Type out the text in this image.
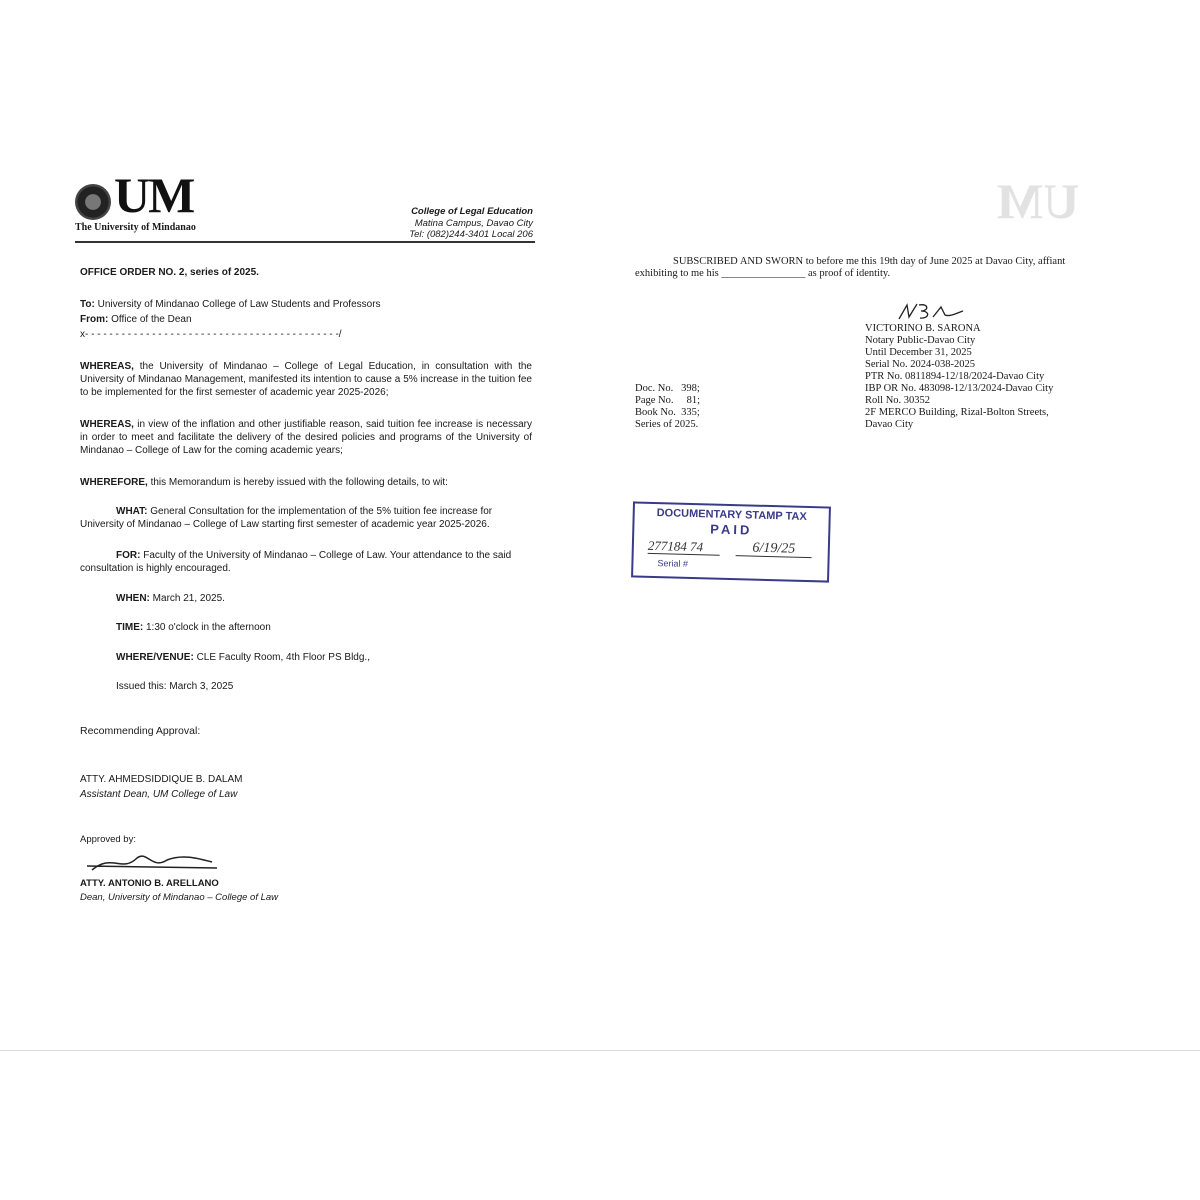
UM
The University of Mindanao
College of Legal Education
Matina Campus, Davao City
Tel: (082)244-3401 Local 206
OFFICE ORDER NO. 2, series of 2025.
To: University of Mindanao College of Law Students and Professors
From: Office of the Dean
x- - - - - - - - - - - - - - - - - - - - - - - - - - - - - - - - - - - - - - - - - -/
WHEREAS, the University of Mindanao – College of Legal Education, in consultation with the University of Mindanao Management, manifested its intention to cause a 5% increase in the tuition fee to be implemented for the first semester of academic year 2025-2026;
WHEREAS, in view of the inflation and other justifiable reason, said tuition fee increase is necessary in order to meet and facilitate the delivery of the desired policies and programs of the University of Mindanao – College of Law for the coming academic years;
WHEREFORE, this Memorandum is hereby issued with the following details, to wit:
WHAT: General Consultation for the implementation of the 5% tuition fee increase for University of Mindanao – College of Law starting first semester of academic year 2025-2026.
FOR: Faculty of the University of Mindanao – College of Law. Your attendance to the said consultation is highly encouraged.
WHEN: March 21, 2025.
TIME: 1:30 o'clock in the afternoon
WHERE/VENUE: CLE Faculty Room, 4th Floor PS Bldg.,
Issued this: March 3, 2025
Recommending Approval:
ATTY. AHMEDSIDDIQUE B. DALAM
Assistant Dean, UM College of Law
Approved by:
ATTY. ANTONIO B. ARELLANO
Dean, University of Mindanao – College of Law
UM
SUBSCRIBED AND SWORN to before me this 19th day of June 2025 at Davao City, affiant
exhibiting to me his ________________ as proof of identity.
VICTORINO B. SARONA
Notary Public-Davao City
Until December 31, 2025
Serial No. 2024-038-2025
PTR No. 0811894-12/18/2024-Davao City
IBP OR No. 483098-12/13/2024-Davao City
Roll No. 30352
2F MERCO Building, Rizal-Bolton Streets,
Davao City
Doc. No.   398;
Page No.     81;
Book No.  335;
Series of 2025.
DOCUMENTARY STAMP TAX
PAID
277184 74	6/19/25
Serial #
